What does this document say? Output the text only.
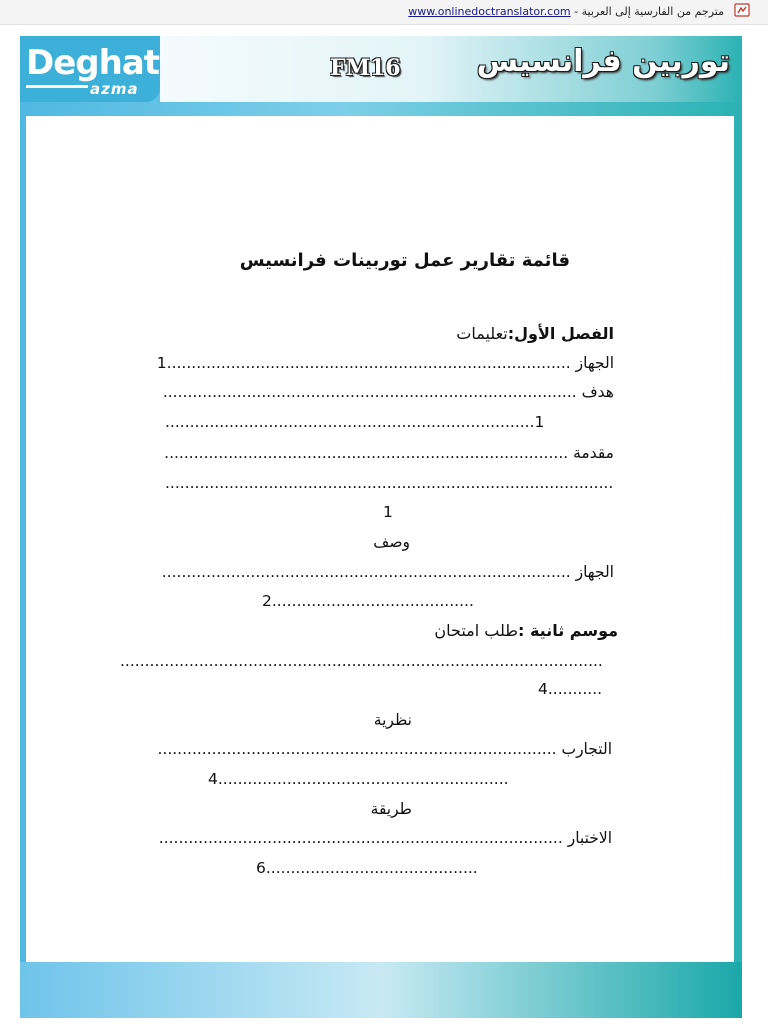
مترجم من الفارسية إلى العربية - www.onlinedoctranslator.com
Deghat
azma
FM16	توربين فرانسيس
قائمة تقارير عمل توربينات فرانسيس
الفصل الأول:تعليمات
الجهاز ..................................................................................1
هدف ....................................................................................
...........................................................................1
مقدمة ..................................................................................
...........................................................................................
1
وصف
الجهاز ...................................................................................
2.........................................
موسم ثانية :طلب امتحان
..................................................................................................
4...........
نظرية
التجارب .................................................................................
4...........................................................
طريقة
الاختبار ..................................................................................
6...........................................
